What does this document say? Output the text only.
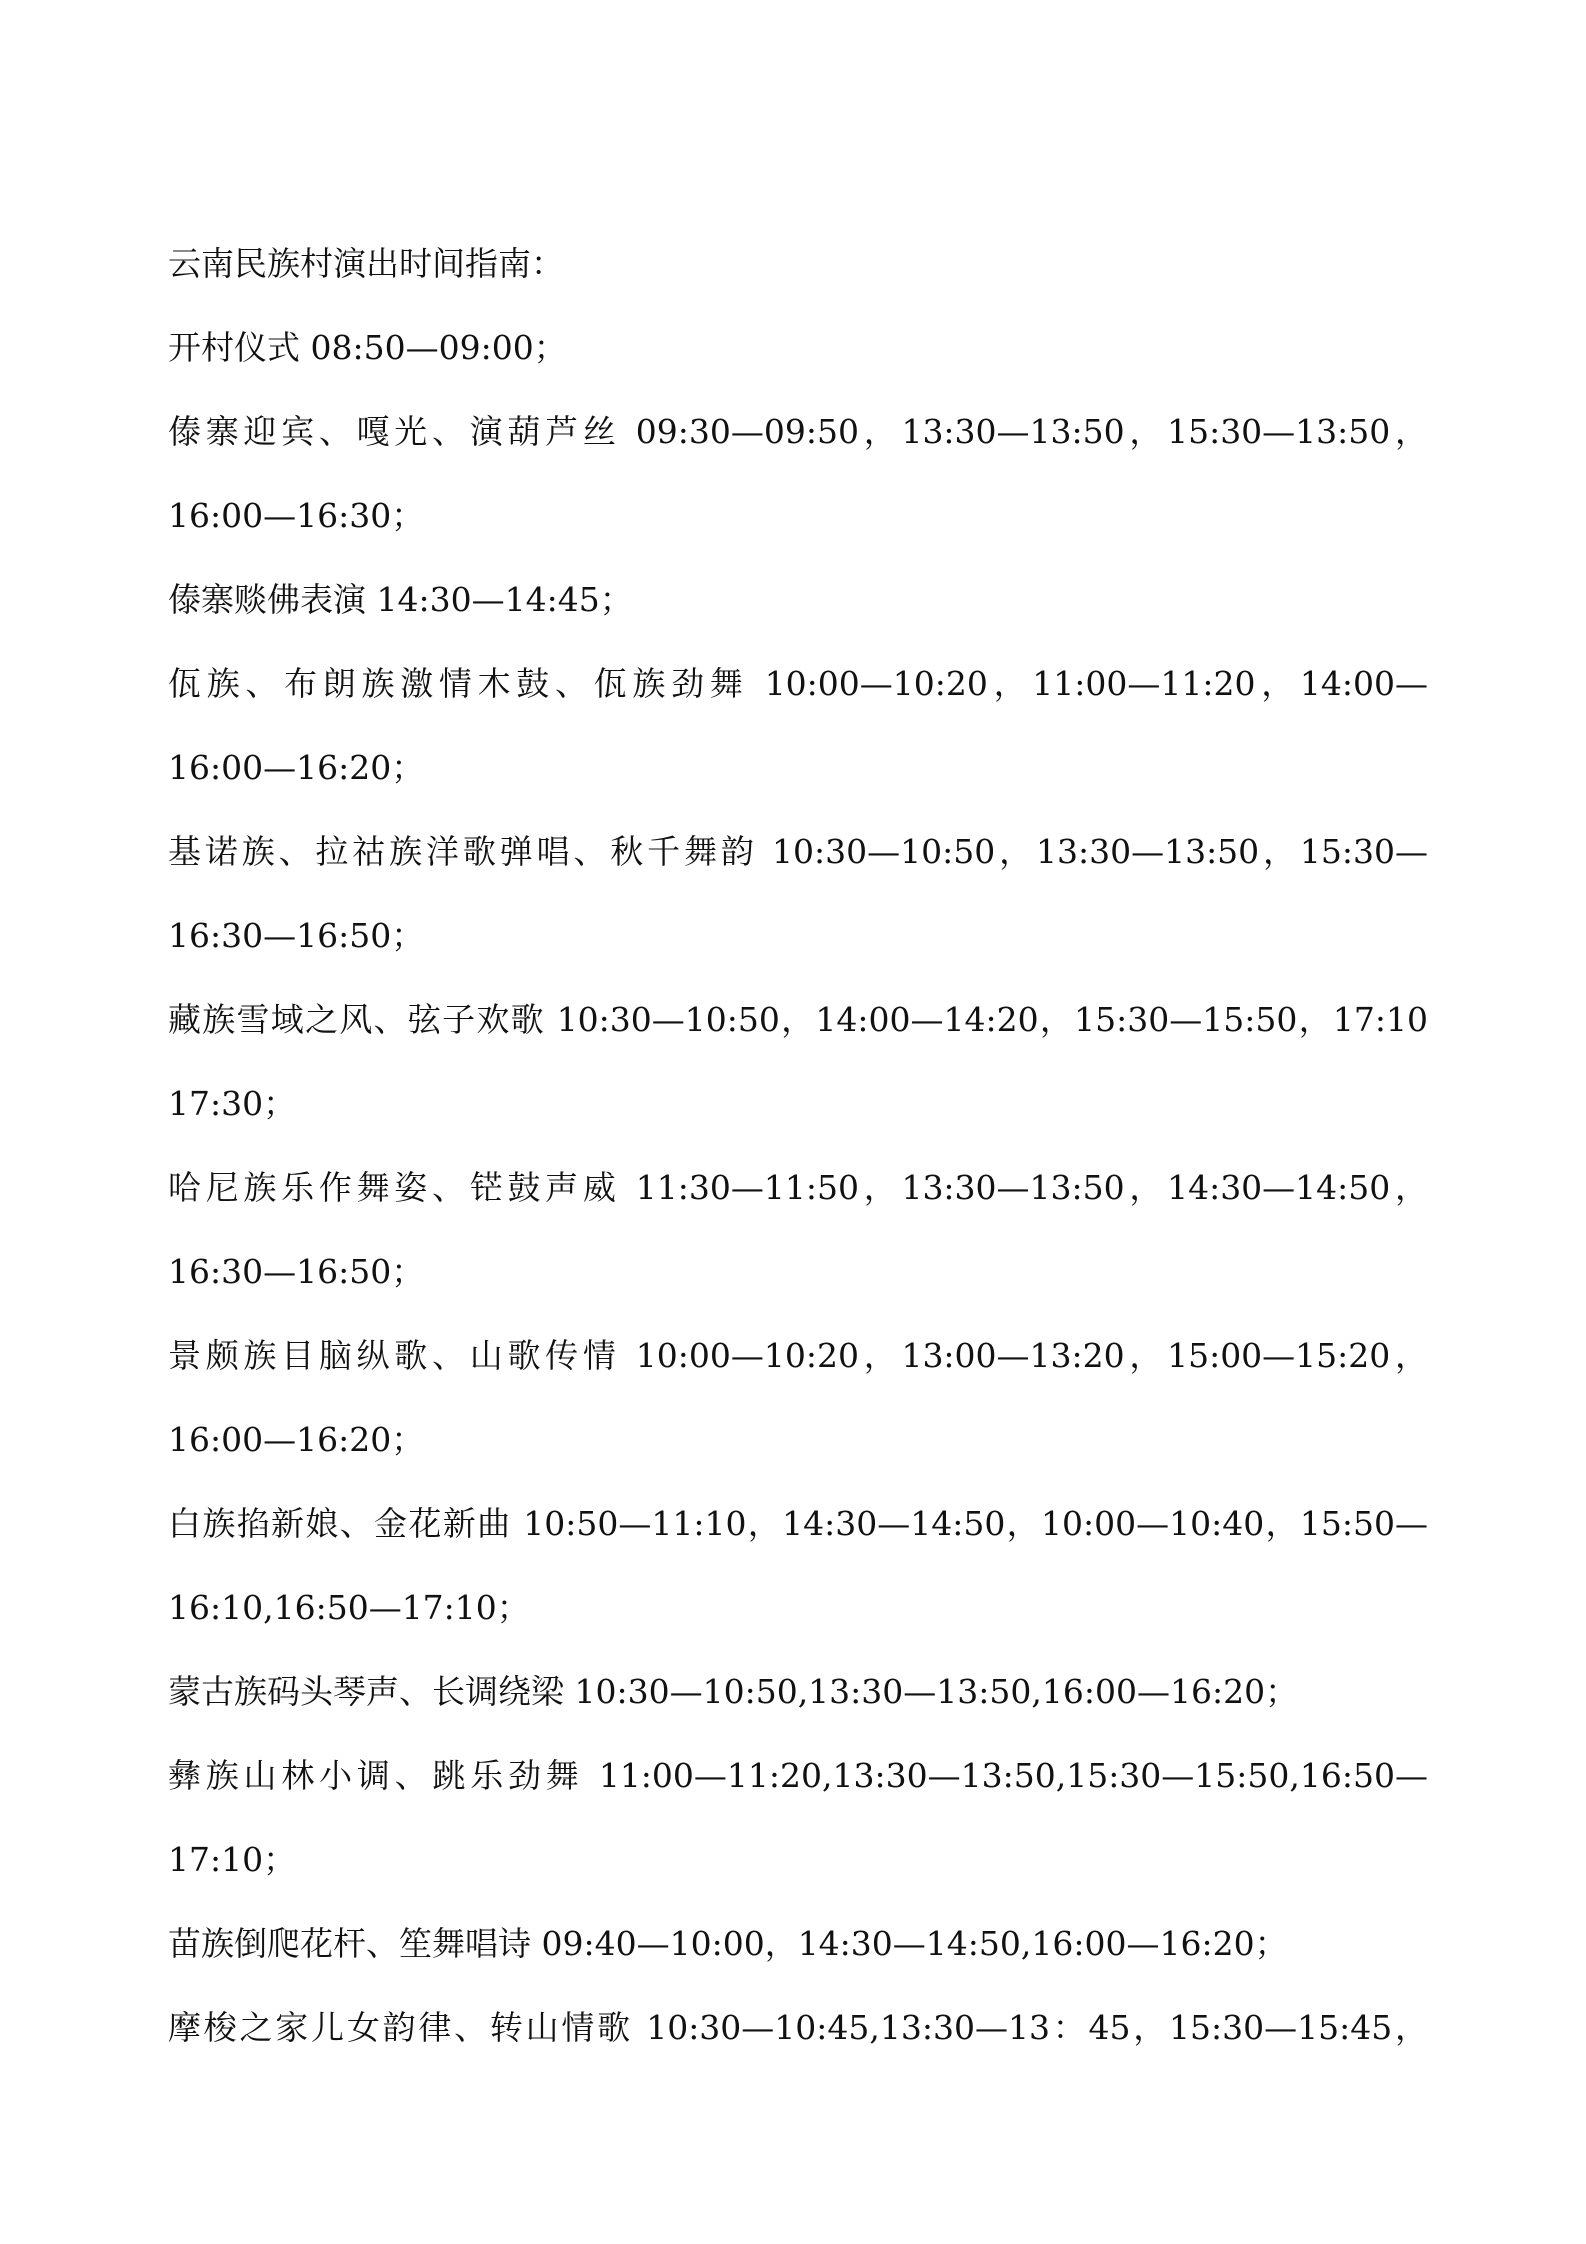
云南民族村演出时间指南：
开村仪式 08:50—09:00；
傣寨迎宾、嘎光、演葫芦丝 09:30—09:50，13:30—13:50，15:30—13:50，
16:00—16:30；
傣寨赕佛表演 14:30—14:45；
佤族、布朗族激情木鼓、佤族劲舞 10:00—10:20，11:00—11:20，14:00—
16:00—16:20；
基诺族、拉祜族洋歌弹唱、秋千舞韵 10:30—10:50，13:30—13:50，15:30—
16:30—16:50；
藏族雪域之风、弦子欢歌 10:30—10:50，14:00—14:20，15:30—15:50，17:10
17:30；
哈尼族乐作舞姿、铓鼓声威 11:30—11:50，13:30—13:50，14:30—14:50，
16:30—16:50；
景颇族目脑纵歌、山歌传情 10:00—10:20，13:00—13:20，15:00—15:20，
16:00—16:20；
白族掐新娘、金花新曲 10:50—11:10，14:30—14:50，10:00—10:40，15:50—
16:10,16:50—17:10；
蒙古族码头琴声、长调绕梁 10:30—10:50,13:30—13:50,16:00—16:20；
彝族山林小调、跳乐劲舞 11:00—11:20,13:30—13:50,15:30—15:50,16:50—
17:10；
苗族倒爬花杆、笙舞唱诗 09:40—10:00，14:30—14:50,16:00—16:20；
摩梭之家儿女韵律、转山情歌 10:30—10:45,13:30—13：45，15:30—15:45，
